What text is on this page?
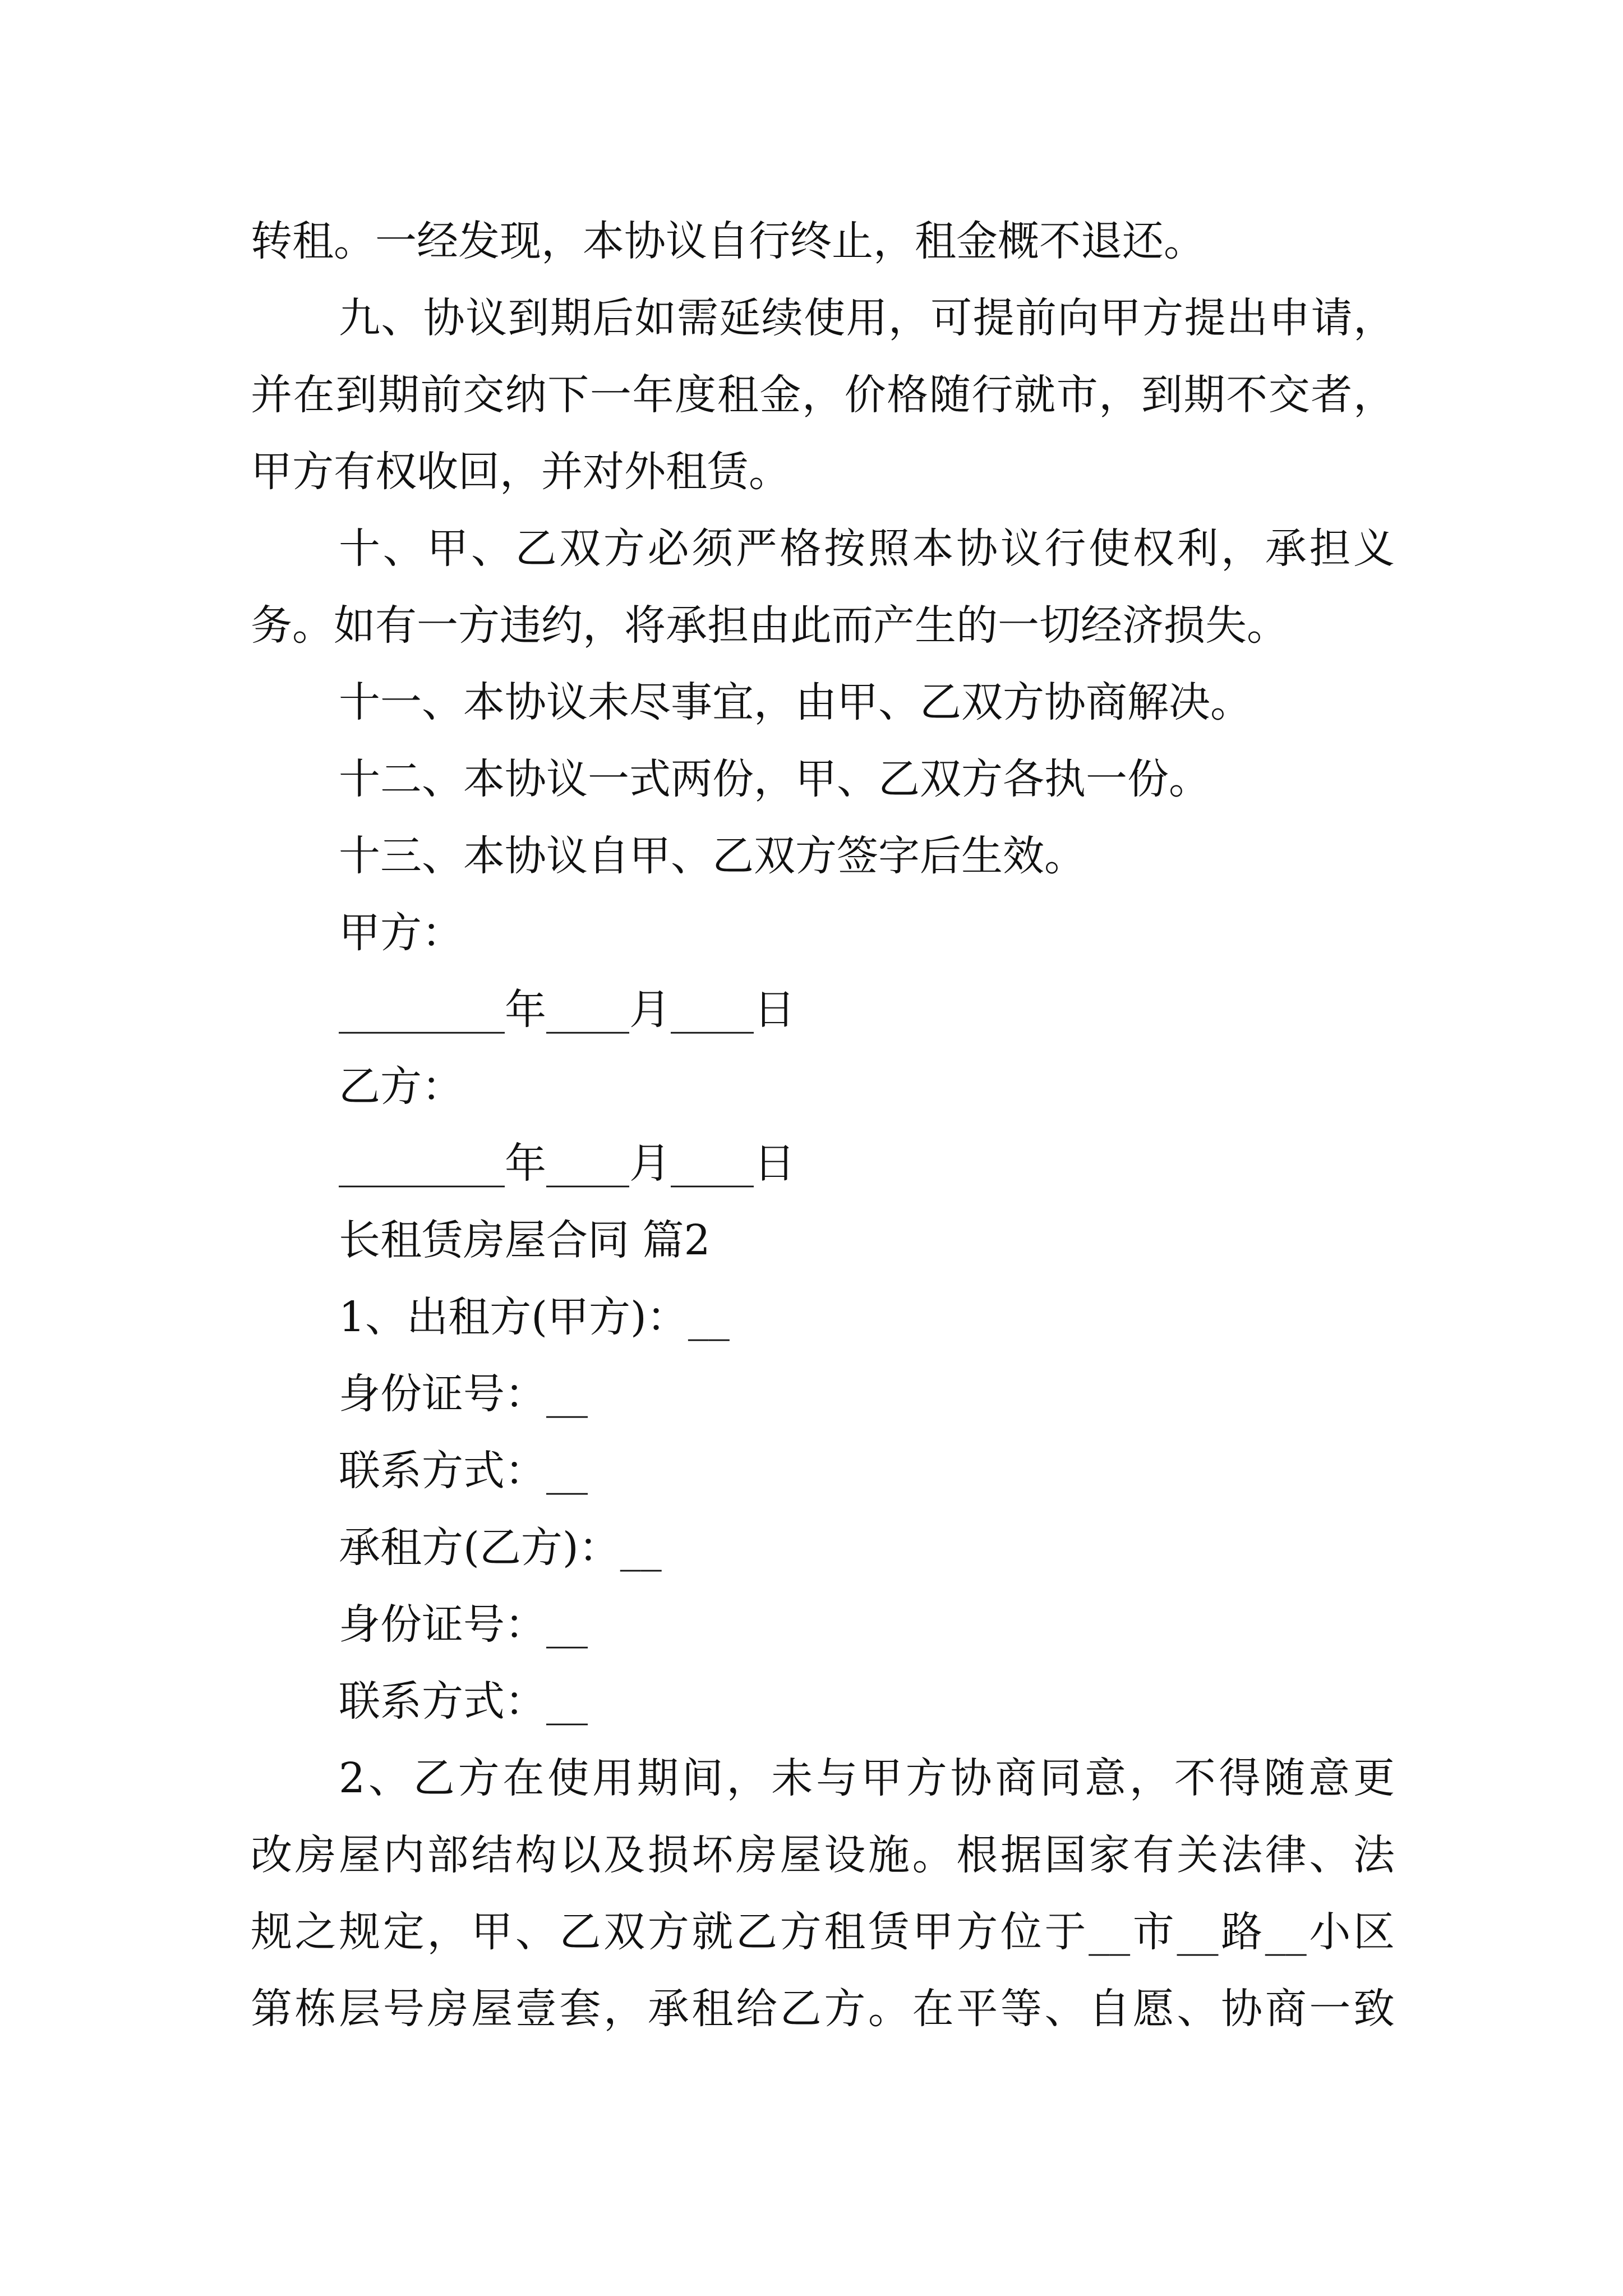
转租。一经发现，本协议自行终止，租金概不退还。
九、协议到期后如需延续使用，可提前向甲方提出申请，
并在到期前交纳下一年度租金，价格随行就市，到期不交者，
甲方有权收回，并对外租赁。
十、甲、乙双方必须严格按照本协议行使权利，承担义
务。如有一方违约，将承担由此而产生的一切经济损失。
十一、本协议未尽事宜，由甲、乙双方协商解决。
十二、本协议一式两份，甲、乙双方各执一份。
十三、本协议自甲、乙双方签字后生效。
甲方：
________年____月____日
乙方：
________年____月____日
长租赁房屋合同 篇2
1、出租方(甲方)：__
身份证号：__
联系方式：__
承租方(乙方)：__
身份证号：__
联系方式：__
2、乙方在使用期间，未与甲方协商同意，不得随意更
改房屋内部结构以及损坏房屋设施。根据国家有关法律、法
规之规定，甲、乙双方就乙方租赁甲方位于__市__路__小区
第栋层号房屋壹套，承租给乙方。在平等、自愿、协商一致
